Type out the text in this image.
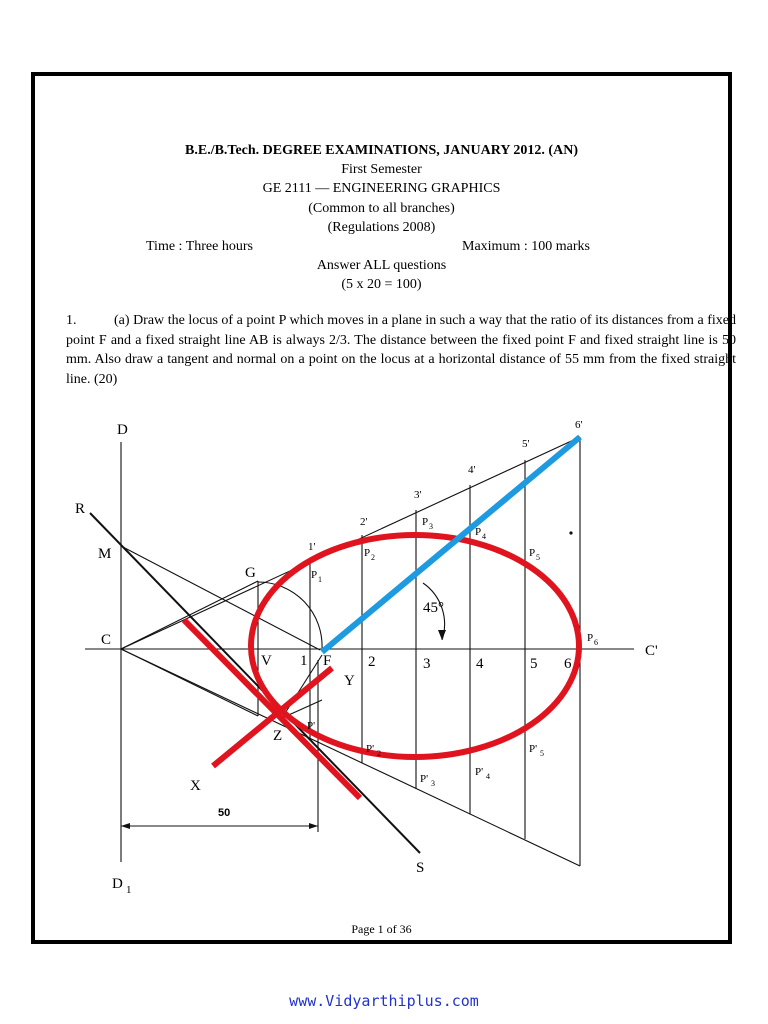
B.E./B.Tech. DEGREE EXAMINATIONS, JANUARY 2012. (AN)
First Semester
GE 2111 — ENGINEERING GRAPHICS
(Common to all branches)
(Regulations 2008)
Time : Three hours	Maximum : 100 marks
Answer ALL questions
(5 x 20 = 100)
1.	(a) Draw the locus of a point P which moves in a plane in such a way that the ratio of its distances from a fixed point F and a fixed straight line AB is always 2/3. The distance between the fixed point F and fixed straight line is 50 mm. Also draw a tangent and normal on a point on the locus at a horizontal distance of 55 mm from the fixed straight line. (20)
Page 1 of 36
D
D 1
R
M
G
C
C'
V 1 F
Y
Z
X
S
45°
50
2	3	4	5 6
1'
2'
3'
4'
5'
6'
P 1
P 2
P 3	P 4
P 5
P 6
P'
P' 2
P' 3
P' 4
P' 5
www.Vidyarthiplus.com
